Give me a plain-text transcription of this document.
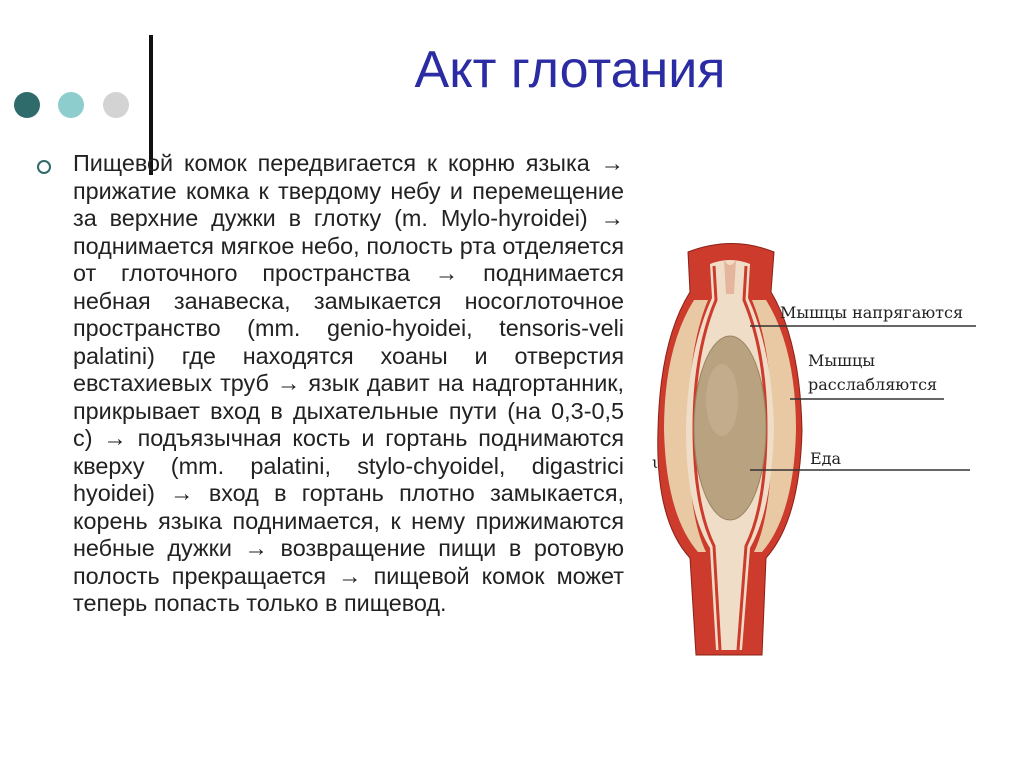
Акт глотания

Пищевой комок передвигается к корню языка → прижатие комка к твердому небу и перемещение за верхние дужки в глотку (m. Mylo-hyroidei) → поднимается мягкое небо, полость рта отделяется от глоточного пространства → поднимается небная занавеска, замыкается носоглоточное пространство (mm. genio-hyoidei, tensoris-veli palatini) где находятся хоаны и отверстия евстахиевых труб → язык давит на надгортанник, прикрывает вход в дыхательные пути (на 0,3-0,5 с) → подъязычная кость и гортань поднимаются кверху (mm. palatini, stylo-chyoidel, digastrici hyoidei) → вход в гортань плотно замыкается, корень языка поднимается, к нему прижимаются небные дужки → возвращение пищи в ротовую полость прекращается → пищевой комок может теперь попасть только в пищевод.

Мышцы напрягаются
Мышцы
расслабляются
Еда
ι
